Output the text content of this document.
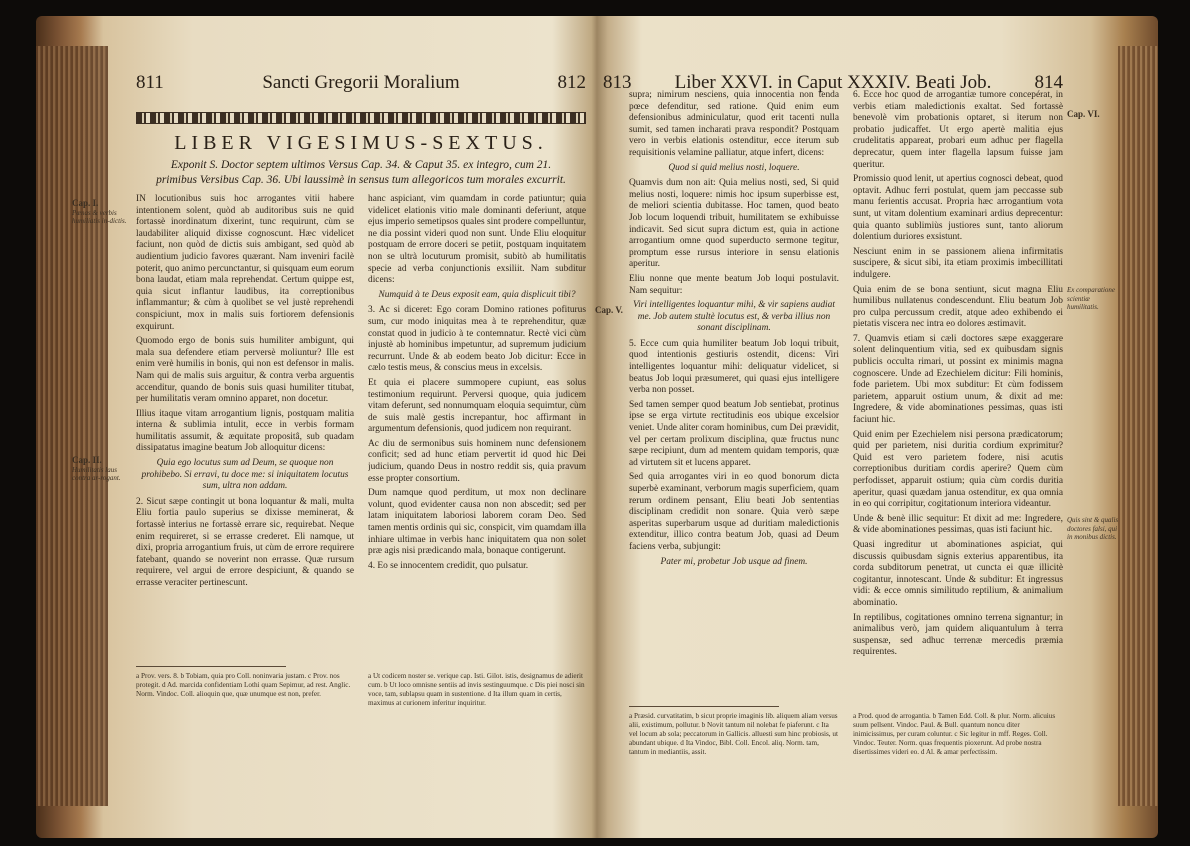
811	Sancti Gregorii Moralium	812
LIBER VIGESIMUS-SEXTUS.
Exponit S. Doctor septem ultimos Versus Cap. 34. & Caput 35. ex integro, cum 21. primibus Versibus Cap. 36. Ubi laussimè in sensus tum allegoricos tum morales excurrit.
Cap. I.
Pœnas & verbis humiliatis in-dictis.
Cap. II.
Humilitatis laus contra ar-rogant.

IN locutionibus suis hoc arrogantes vitii habere intentionem solent, quòd ab auditoribus suis ne quid fortassè inordinatum dixerint, tunc requirunt, cùm se laudabiliter aliquid dixisse cognoscunt. Hæc videlicet faciunt, non quòd de dictis suis ambigant, sed quòd ab audientium judicio favores quærant. Nam inveniri facilè poterit, quo animo percunctantur, si quisquam eum eorum bona laudat, etiam mala reprehendat. Certum quippe est, quia sicut inflantur laudibus, ita correptionibus inflammantur; & cùm à quolibet se vel justè reprehendi conspiciunt, mox in malis suis fortiorem defensionis exquirunt.

Quomodo ergo de bonis suis humiliter ambigunt, qui mala sua defendere etiam perversè moliuntur? Ille est enim verè humilis in bonis, qui non est defensor in malis. Nam qui de malis suis arguitur, & contra verba arguentis accenditur, quando de bonis suis quasi humiliter titubat, per humilitatis veram omnino apparet, non docetur.

Illius itaque vitam arrogantium lignis, postquam malitia interna & sublimia intulit, ecce in verbis formam humilitatis assumit, & æquitate propositâ, sub quadam dissipatatus imagine beatum Job alloquitur dicens:

Quia ego locutus sum ad Deum, se quoque non prohibebo. Si erravi, tu doce me: si iniquitatem locutus sum, ultra non addam.

2. Sicut sæpe contingit ut bona loquantur & mali, multa Eliu fortia paulo superius se dixisse meminerat, & fortassè interius ne fortassè errare sic, requirebat. Neque enim requireret, si se errasse crederet. Eli namque, ut dixi, propria arrogantium fruis, ut cùm de errore requirere fatebant, quando se noverint non errasse. Quæ rursum requirere, vel argui de errore despiciunt, & quando se errasse veraciter pertinescunt.

hanc aspiciant, vim quamdam in corde patiuntur; quia videlicet elationis vitio male dominanti deferiunt, atque ejus imperio semetipsos quales sint prodere compelluntur, ne dia possint videri quod non sunt. Unde Eliu eloquitur postquam de errore doceri se petiit, postquam inquitatem non se ultrà locuturum promisit, subitò ab humilitatis specie ad verba conjunctionis exsiliit. Nam subditur dicens:

Numquid à te Deus exposit eam, quia displicuit tibi?

3. Ac si diceret: Ego coram Domino rationes pofiturus sum, cur modo iniquitas mea à te reprehenditur, quæ constat quod in judicio à te contemnatur. Rectè vici cùm injustè ab hominibus impetuntur, ad supremum judicium recurrunt. Unde & ab eodem beato Job dicitur: Ecce in cælo testis meus, & conscius meus in excelsis.

Et quia ei placere summopere cupiunt, eas solus testimonium requirunt. Perversi quoque, quia judicem vitam deferunt, sed nonnumquam eloquia sequimtur, cùm de suis malè gestis increpantur, hoc affirmant in argumentum defensionis, quod judicem non requirant.

Ac diu de sermonibus suis hominem nunc defensionem conficit; sed ad hunc etiam pervertit id quod hic Dei judicium, quando Deus in nostro reddit sis, quia pravum esse propter consortium.

Dum namque quod perditum, ut mox non declinare volunt, quod evidenter causa non non abscedit; sed per latam iniquitatem laboriosi laborem coram Deo. Sed tamen mentis ordinis qui sic, conspicit, vim quamdam illa inhiare ultimae in verbis hanc iniquitatem qua non solet præ agis nisi prædicando mala, bonaque contigerunt.

4. Eo se innocentem credidit, quo pulsatur.

a Prov. vers. 8. b Tobiam, quia pro Coll. noninvaria justam. c Prov. nos protegit. d Ad. marcida confidentiam Lothi quam Sepimur, ad rest. Anglic. Norm. Vindoc. Coll. alioquin que, quæ unumque est non, prefer.
a Ut codicem noster se. verique cap. Isti. Gilot. istis, designamus de adierit cum. b Ut loco omnisne sentiis ad invis sestinguumque. c Dis piei nosci sin voce, tam, sublapsu quam in sustentione. d Ita illum quam in certis, maximus at curionem inferitur inquiritur.
813	Liber XXVI. in Caput XXXIV. Beati Job.	814
Cap. V.
Cap. VI.
Ex comparatione scientiæ humilitatis.
Quis sint & qualis doctores falsi, qui in monibus dictis.

supra; nimirum nesciens, quia innocentia non tenda pœce defenditur, sed ratione. Quid enim eum defensionibus adminiculatur, quod erit tacenti nulla sumit, sed tamen incharati prava respondit? Postquam vero in verbis elationis ostenditur, ecce iterum sub requisitionis velamine palliatur, atque infert, dicens:

Quod si quid melius nosti, loquere.

Quamvis dum non ait: Quia melius nosti, sed, Si quid melius nosti, loquere: nimis hoc ipsum superbisse est, de meliori scientia dubitasse. Hoc tamen, quod beato Job locum loquendi tribuit, humilitatem se exhibuisse indicavit. Sed sicut supra dictum est, quia in actione arrogantium omne quod superducto sermone tegitur, promptum esse rursus interiore in sensu elationis aperitur.

Eliu nonne que mente beatum Job loqui postulavit. Nam sequitur:

Viri intelligentes loquantur mihi, & vir sapiens audiat me. Job autem stultè locutus est, & verba illius non sonant disciplinam.

5. Ecce cum quia humiliter beatum Job loqui tribuit, quod intentionis gestiuris ostendit, dicens: Viri intelligentes loquantur mihi: deliquatur videlicet, si beatus Job loqui præsumeret, qui quasi ejus intelligere verba non posset.

Sed tamen semper quod beatum Job sentiebat, protinus ipse se erga virtute rectitudinis eos ubique excelsior veniet. Unde aliter coram hominibus, cum Dei prævidit, vel per certam prolixum disciplina, quæ fructus nunc sæpe recipiunt, dum ad mentem quidam temporis, quæ ad virtutem sit et lucens apparet.

Sed quia arrogantes viri in eo quod bonorum dicta superbè examinant, verborum magis superficiem, quam rerum ordinem pensant, Eliu beati Job sententias disciplinam credidit non sonare. Quia verò sæpe asperitas superbarum usque ad duritiam maledictionis extenditur, illico contra beatum Job, quasi ad Deum faciens verba, subjungit:

Pater mi, probetur Job usque ad finem.

6. Ecce hoc quod de arrogantiæ tumore concepérat, in verbis etiam maledictionis exaltat. Sed fortassè benevolè vim probationis optaret, si iterum non probatio judicaffet. Ut ergo apertè malitia ejus crudelitatis appareat, probari eum adhuc per flagella deprecatur, quem inter flagella lapsum fuisse jam queritur.

Promissio quod lenit, ut apertius cognosci debeat, quod optavit. Adhuc ferri postulat, quem jam peccasse sub manu ferientis accusat. Propria hæc arrogantium vota sunt, ut vitam dolentium examinari ardius deprecentur: quia quanto sublimiùs justiores sunt, tanto aliorum dolentium duriores exsistunt.

Nesciunt enim in se passionem aliena infirmitatis suscipere, & sicut sibi, ita etiam proximis imbecillitati indulgere.

Quia enim de se bona sentiunt, sicut magna Eliu humilibus nullatenus condescendunt. Eliu beatum Job pro culpa percussum credit, atque adeo exhibendo ei pietatis viscera nec intra eo dolores æstimavit.

7. Quamvis etiam si cæli doctores sæpe exaggerare solent delinquentium vitia, sed ex quibusdam signis publicis occulta rimari, ut possint ex minimis magna cognoscere. Unde ad Ezechielem dicitur: Fili hominis, fode parietem. Ubi mox subditur: Et cùm fodissem parietem, apparuit ostium unum, & dixit ad me: Ingredere, & vide abominationes pessimas, quas isti faciunt hic.

Quid enim per Ezechielem nisi persona prædicatorum; quid per parietem, nisi duritia cordium exprimitur? Quid est vero parietem fodere, nisi acutis correptionibus duritiam cordis aperire? Quem cùm perfodisset, apparuit ostium; quia cùm cordis duritia aperitur, quasi quædam janua ostenditur, ex qua omnia in eo qui corripitur, cogitationum interiora videantur.

Unde & benè illic sequitur: Et dixit ad me: Ingredere, & vide abominationes pessimas, quas isti faciunt hic.

Quasi ingreditur ut abominationes aspiciat, qui discussis quibusdam signis exterius apparentibus, ita corda subditorum penetrat, ut cuncta ei quæ illicitè cogitantur, innotescant. Unde & subditur: Et ingressus vidi: & ecce omnis similitudo reptilium, & animalium abominatio.

In reptilibus, cogitationes omnino terrena signantur; in animalibus verò, jam quidem aliquantulum à terra suspensæ, sed adhuc terrenæ mercedis præmia requirentes.

a Præsid. curvatitatim, b sicut proprie imaginis lib. aliquem aliam versus alii, existimum, pollutur. b Novit tantum nil nolebat fe piaferunt. c Ita vel locum ab sola; peccatorum in Gallicis. alluesti sum hinc probiosis, ut abundant ubique. d Ita Vindoc, Bibl. Coll. Encol. aliq. Norm. tam, tantum in mediantiis, assit.
a Prod. quod de arrogantia. b Tamen Edd. Coll. & plur. Norm. alicuius suum pellsent. Vindoc. Paul. & Bull. quantum noncu diter inimicissimus, per curam coluntur. c Sic legitur in mff. Reges. Coll. Vindoc. Teuter. Norm. quas frequentis pioxerunt. Ad probe nostra disertissimes videri eo. d Al. & amar perfectissim.
